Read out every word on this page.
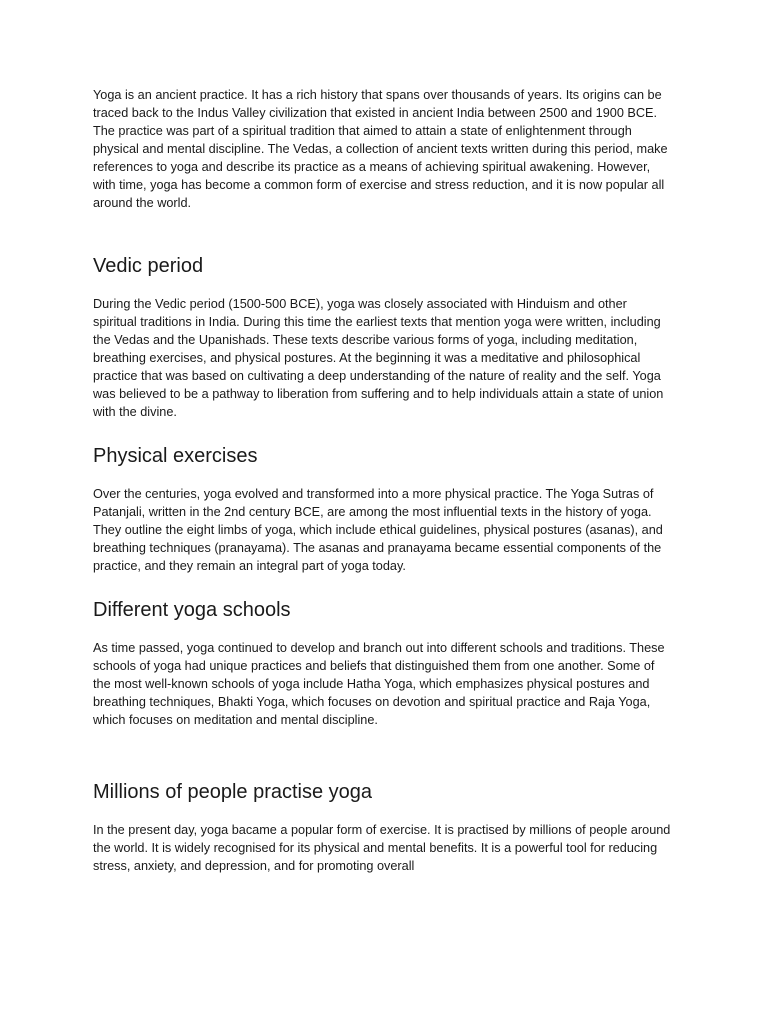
Yoga is an ancient practice. It has a rich history that spans over thousands of years. Its origins can be traced back to the Indus Valley civilization that existed in ancient India between 2500 and 1900 BCE. The practice was part of a spiritual tradition that aimed to attain a state of enlightenment through physical and mental discipline. The Vedas, a collection of ancient texts written during this period, make references to yoga and describe its practice as a means of achieving spiritual awakening. However, with time, yoga has become a common form of exercise and stress reduction, and it is now popular all around the world.

Vedic period

During the Vedic period (1500-500 BCE), yoga was closely associated with Hinduism and other spiritual traditions in India. During this time the earliest texts that mention yoga were written, including the Vedas and the Upanishads. These texts describe various forms of yoga, including meditation, breathing exercises, and physical postures. At the beginning it was a meditative and philosophical practice that was based on cultivating a deep understanding of the nature of reality and the self. Yoga was believed to be a pathway to liberation from suffering and to help individuals attain a state of union with the divine.

Physical exercises

Over the centuries, yoga evolved and transformed into a more physical practice. The Yoga Sutras of Patanjali, written in the 2nd century BCE, are among the most influential texts in the history of yoga. They outline the eight limbs of yoga, which include ethical guidelines, physical postures (asanas), and breathing techniques (pranayama). The asanas and pranayama became essential components of the practice, and they remain an integral part of yoga today.

Different yoga schools

As time passed, yoga continued to develop and branch out into different schools and traditions. These schools of yoga had unique practices and beliefs that distinguished them from one another. Some of the most well-known schools of yoga include Hatha Yoga, which emphasizes physical postures and breathing techniques, Bhakti Yoga, which focuses on devotion and spiritual practice and Raja Yoga, which focuses on meditation and mental discipline.

Millions of people practise yoga

In the present day, yoga bacame a popular form of exercise. It is practised by millions of people around the world. It is widely recognised for its physical and mental benefits. It is a powerful tool for reducing stress, anxiety, and depression, and for promoting overall
